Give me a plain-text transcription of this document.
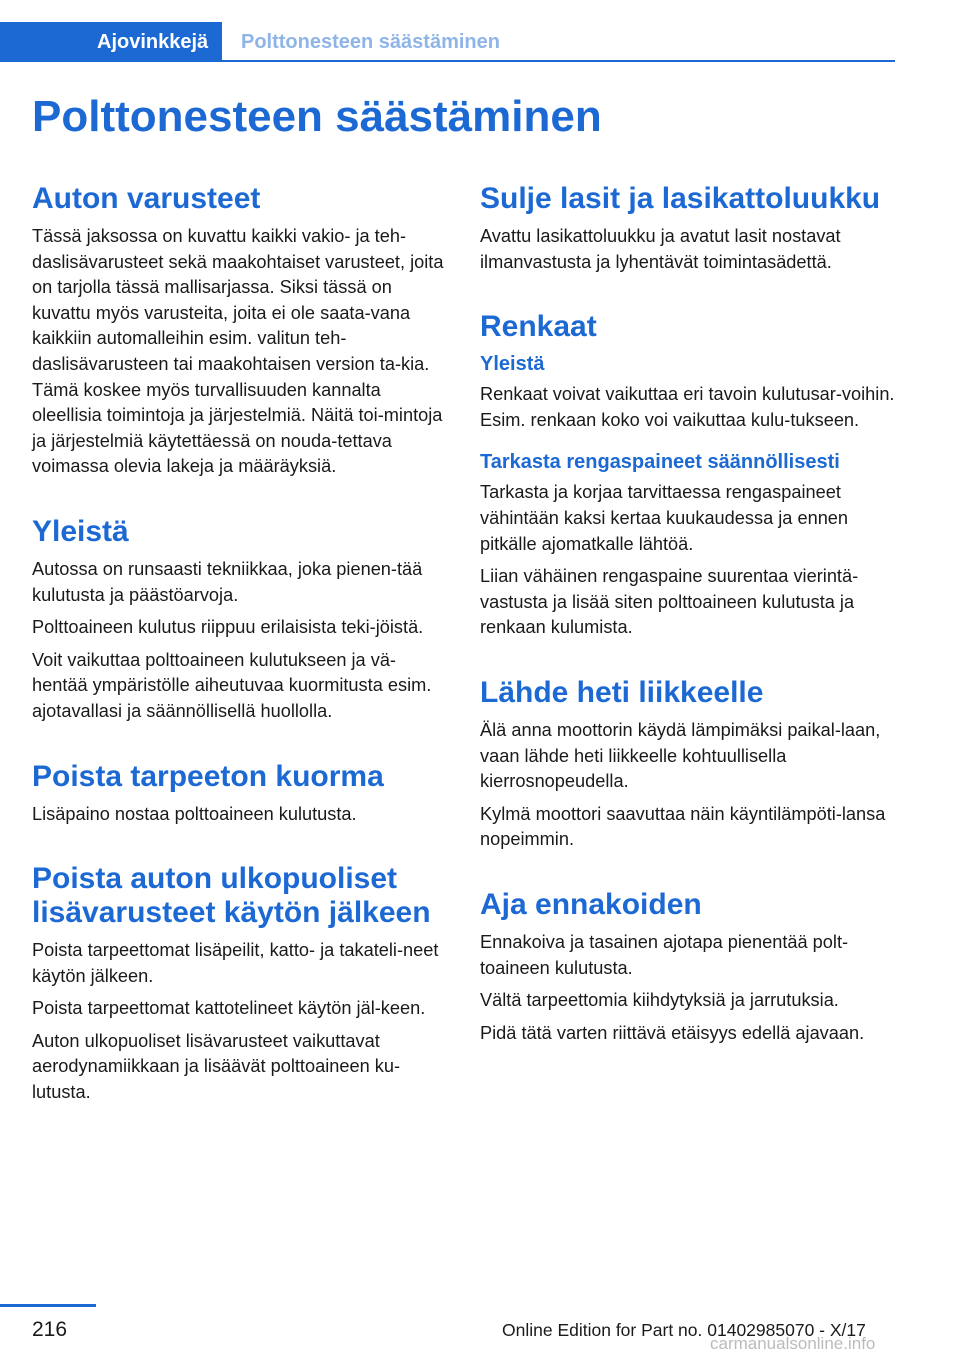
Ajovinkkejä	Polttonesteen säästäminen
Polttonesteen säästäminen
Auton varusteet

Tässä jaksossa on kuvattu kaikki vakio- ja teh-daslisävarusteet sekä maakohtaiset varusteet, joita on tarjolla tässä mallisarjassa. Siksi tässä on kuvattu myös varusteita, joita ei ole saata-vana kaikkiin automalleihin esim. valitun teh-daslisävarusteen tai maakohtaisen version ta-kia. Tämä koskee myös turvallisuuden kannalta oleellisia toimintoja ja järjestelmiä. Näitä toi-mintoja ja järjestelmiä käytettäessä on nouda-tettava voimassa olevia lakeja ja määräyksiä.

Yleistä

Autossa on runsaasti tekniikkaa, joka pienen-tää kulutusta ja päästöarvoja.

Polttoaineen kulutus riippuu erilaisista teki-jöistä.

Voit vaikuttaa polttoaineen kulutukseen ja vä-hentää ympäristölle aiheutuvaa kuormitusta esim. ajotavallasi ja säännöllisellä huollolla.

Poista tarpeeton kuorma

Lisäpaino nostaa polttoaineen kulutusta.

Poista auton ulkopuoliset lisävarusteet käytön jälkeen

Poista tarpeettomat lisäpeilit, katto- ja takateli-neet käytön jälkeen.

Poista tarpeettomat kattotelineet käytön jäl-keen.

Auton ulkopuoliset lisävarusteet vaikuttavat aerodynamiikkaan ja lisäävät polttoaineen ku-lutusta.

Sulje lasit ja lasikattoluukku

Avattu lasikattoluukku ja avatut lasit nostavat ilmanvastusta ja lyhentävät toimintasädettä.

Renkaat
Yleistä

Renkaat voivat vaikuttaa eri tavoin kulutusar-voihin. Esim. renkaan koko voi vaikuttaa kulu-tukseen.

Tarkasta rengaspaineet säännöllisesti

Tarkasta ja korjaa tarvittaessa rengaspaineet vähintään kaksi kertaa kuukaudessa ja ennen pitkälle ajomatkalle lähtöä.

Liian vähäinen rengaspaine suurentaa vierintä-vastusta ja lisää siten polttoaineen kulutusta ja renkaan kulumista.

Lähde heti liikkeelle

Älä anna moottorin käydä lämpimäksi paikal-laan, vaan lähde heti liikkeelle kohtuullisella kierrosnopeudella.

Kylmä moottori saavuttaa näin käyntilämpöti-lansa nopeimmin.

Aja ennakoiden

Ennakoiva ja tasainen ajotapa pienentää polt-toaineen kulutusta.

Vältä tarpeettomia kiihdytyksiä ja jarrutuksia.

Pidä tätä varten riittävä etäisyys edellä ajavaan.

216	Online Edition for Part no. 01402985070 - X/17
carmanualsonline.info
